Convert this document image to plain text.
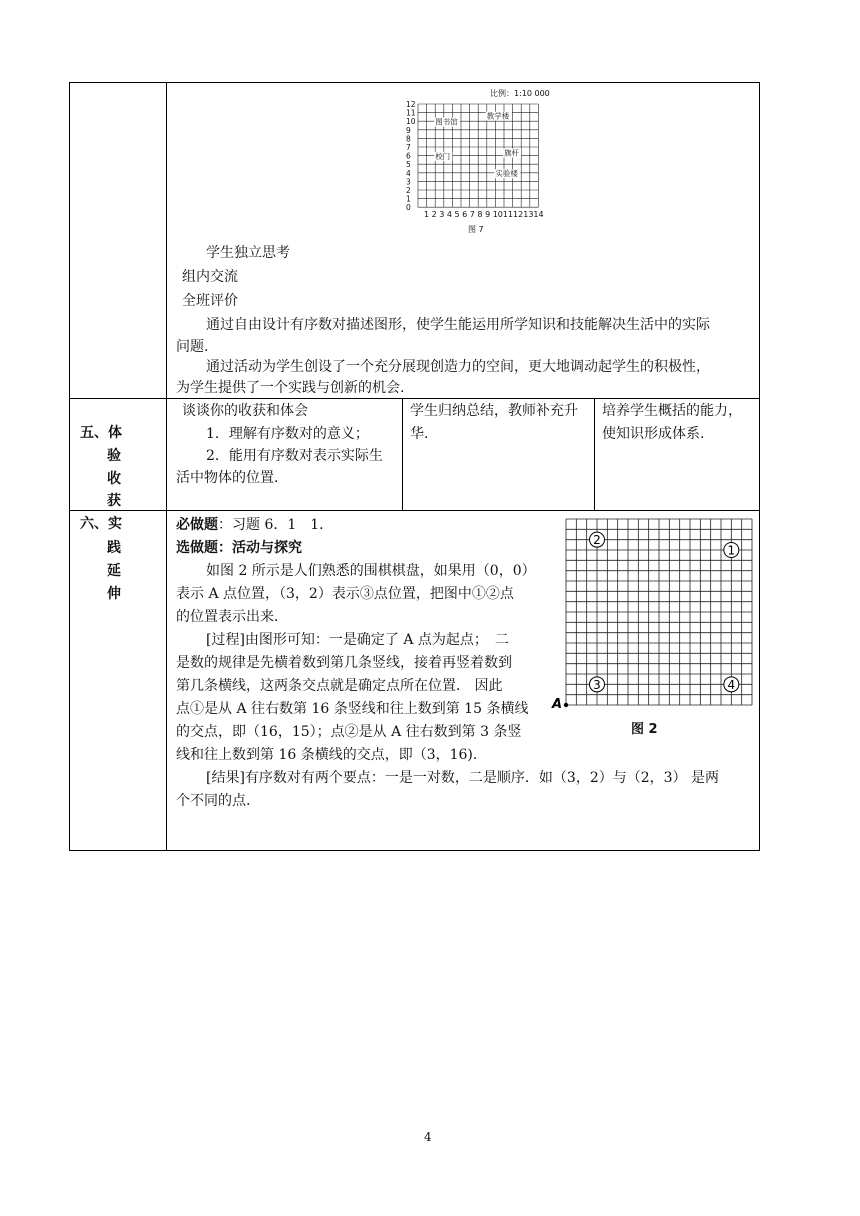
比例：1:10 000
12
11
10
9
8
7
6
5
4
3
2
1
0
图书馆
教学楼
校门	旗杆
实验楼
1 2 3 4 5 6 7 8 9 1011121314
图 7
学生独立思考
组内交流
全班评价
通过自由设计有序数对描述图形，使学生能运用所学知识和技能解决生活中的实际
问题.
通过活动为学生创设了一个充分展现创造力的空间，更大地调动起学生的积极性，
为学生提供了一个实践与创新的机会.
五、体
验
收
获
谈谈你的收获和体会
1．理解有序数对的意义；
2．能用有序数对表示实际生
活中物体的位置.
学生归纳总结，教师补充升
华.
培养学生概括的能力，
使知识形成体系.
六、实
践
延
伸
必做题：习题 6．1　1．
选做题：活动与探究
如图 2 所示是人们熟悉的围棋棋盘，如果用（0，0）
表示 A 点位置，（3，2）表示③点位置，把图中①②点
的位置表示出来．
[过程]由图形可知：一是确定了 A 点为起点；　二
是数的规律是先横着数到第几条竖线，接着再竖着数到
第几条横线，这两条交点就是确定点所在位置． 因此
点①是从 A 往右数第 16 条竖线和往上数到第 15 条横线
的交点，即（16，15）；点②是从 A 往右数到第 3 条竖
线和往上数到第 16 条横线的交点，即（3，16).
[结果]有序数对有两个要点：一是一对数，二是顺序．如（3，2）与（2，3） 是两
个不同的点.
A
1
2
3	4
图 2
4
